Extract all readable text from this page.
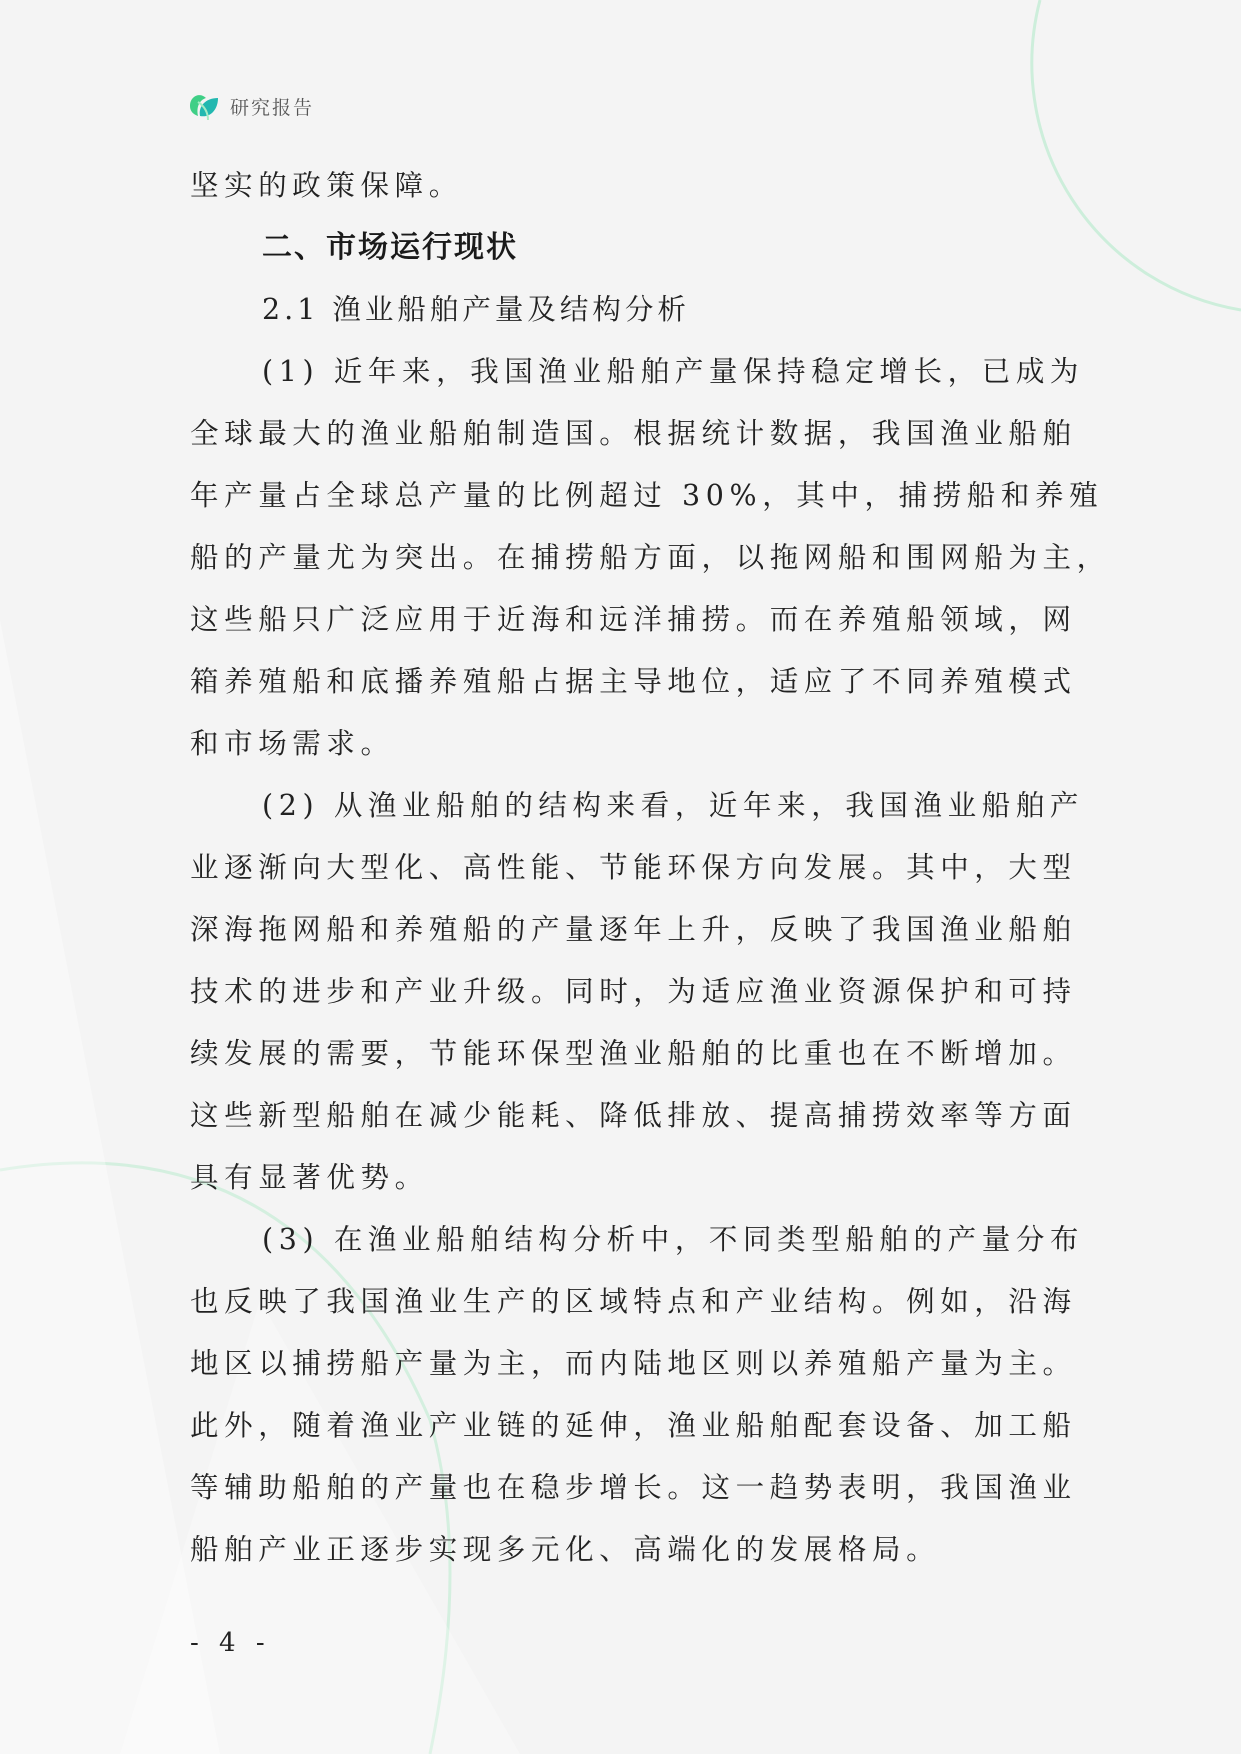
研究报告
坚实的政策保障。
二、市场运行现状
2.1 渔业船舶产量及结构分析
(1) 近年来，我国渔业船舶产量保持稳定增长，已成为
全球最大的渔业船舶制造国。根据统计数据，我国渔业船舶
年产量占全球总产量的比例超过 30%，其中，捕捞船和养殖
船的产量尤为突出。在捕捞船方面，以拖网船和围网船为主，
这些船只广泛应用于近海和远洋捕捞。而在养殖船领域，网
箱养殖船和底播养殖船占据主导地位，适应了不同养殖模式
和市场需求。
(2) 从渔业船舶的结构来看，近年来，我国渔业船舶产
业逐渐向大型化、高性能、节能环保方向发展。其中，大型
深海拖网船和养殖船的产量逐年上升，反映了我国渔业船舶
技术的进步和产业升级。同时，为适应渔业资源保护和可持
续发展的需要，节能环保型渔业船舶的比重也在不断增加。
这些新型船舶在减少能耗、降低排放、提高捕捞效率等方面
具有显著优势。
(3) 在渔业船舶结构分析中，不同类型船舶的产量分布
也反映了我国渔业生产的区域特点和产业结构。例如，沿海
地区以捕捞船产量为主，而内陆地区则以养殖船产量为主。
此外，随着渔业产业链的延伸，渔业船舶配套设备、加工船
等辅助船舶的产量也在稳步增长。这一趋势表明，我国渔业
船舶产业正逐步实现多元化、高端化的发展格局。
- 4 -
